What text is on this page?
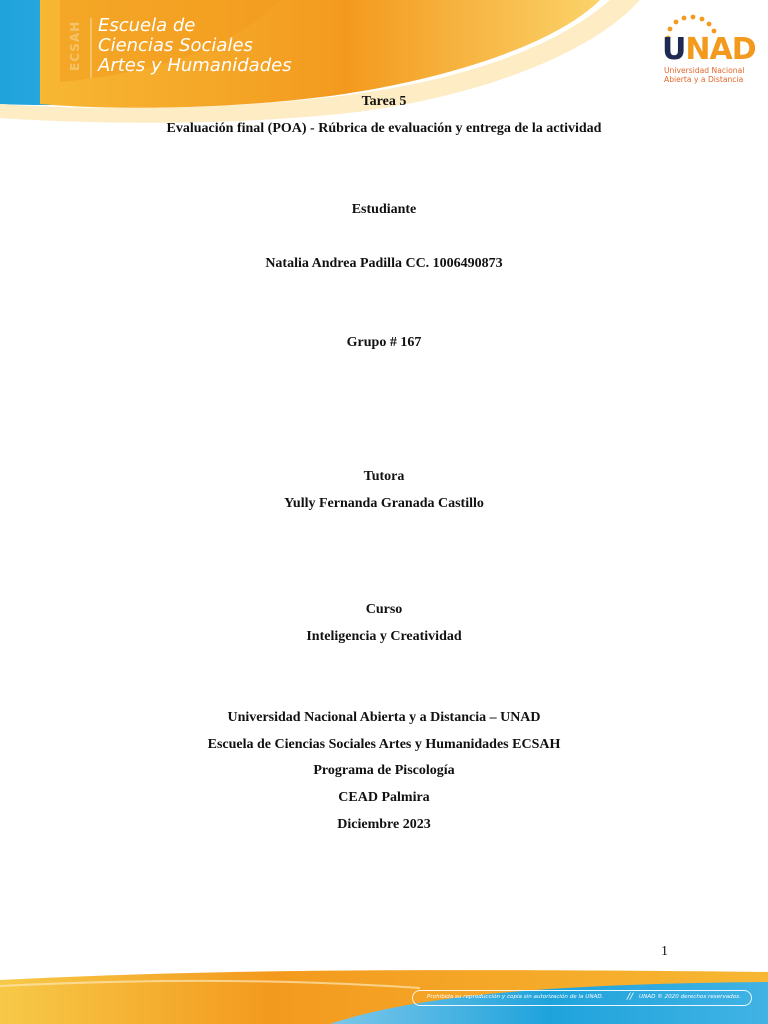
ECSAH Escuela de
Ciencias Sociales
Artes y Humanidades	UNAD
Universidad Nacional
Abierta y a Distancia
Tarea 5
Evaluación final (POA) - Rúbrica de evaluación y entrega de la actividad
Estudiante
Natalia Andrea Padilla CC. 1006490873
Grupo # 167
Tutora
Yully Fernanda Granada Castillo
Curso
Inteligencia y Creatividad
Universidad Nacional Abierta y a Distancia – UNAD
Escuela de Ciencias Sociales Artes y Humanidades ECSAH
Programa de Piscología
CEAD Palmira
Diciembre 2023
1
Prohibida su reproducción y copia sin autorización de la UNAD.	// UNAD © 2020 derechos reservados.
